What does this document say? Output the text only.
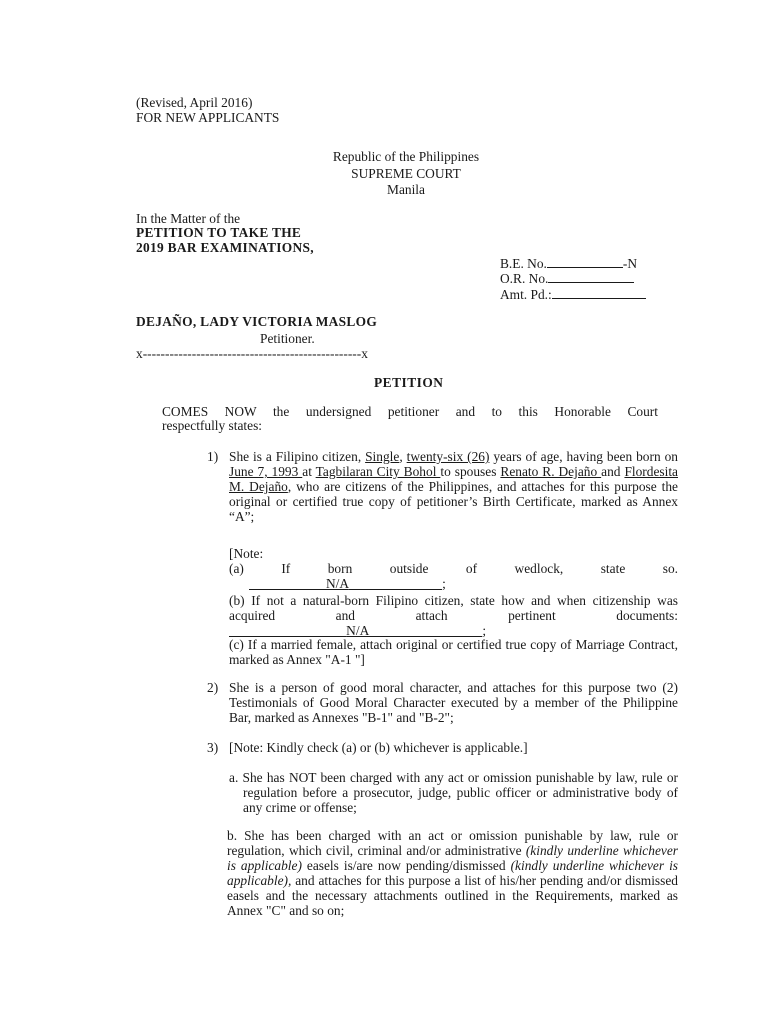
(Revised, April 2016)
FOR NEW APPLICANTS
Republic of the Philippines
SUPREME COURT
Manila
In the Matter of the
PETITION TO TAKE THE
2019 BAR EXAMINATIONS,
B.E. No.	-N
O.R. No.
Amt. Pd.:
DEJAÑO, LADY VICTORIA MASLOG
Petitioner.
x-------------------------------------------------x
PETITION
COMES NOW the undersigned petitioner and to this Honorable Court
respectfully states:
1) She is a Filipino citizen, Single, twenty-six (26) years of age, having been born on June 7, 1993 at Tagbilaran City Bohol to spouses Renato R. Dejaño and Flordesita M. Dejaño, who are citizens of the Philippines, and attaches for this purpose the original or certified true copy of petitioner’s Birth Certificate, marked as Annex “A”;
[Note:
(a) If born outside of wedlock, state so.
N/A	;
(b) If not a natural-born Filipino citizen, state how and when citizenship was acquired and attach pertinent documents:                                   N/A	;
(c) If a married female, attach original or certified true copy of Marriage Contract, marked as Annex "A-1 "]
2) She is a person of good moral character, and attaches for this purpose two (2) Testimonials of Good Moral Character executed by a member of the Philippine Bar, marked as Annexes "B-1" and "B-2";
3) [Note: Kindly check (a) or (b) whichever is applicable.]
a. She has NOT been charged with any act or omission punishable by law, rule or regulation before a prosecutor, judge, public officer or administrative body of any crime or offense;
b. She has been charged with an act or omission punishable by law, rule or regulation, which civil, criminal and/or administrative (kindly underline whichever is applicable) easels is/are now pending/dismissed (kindly underline whichever is applicable), and attaches for this purpose a list of his/her pending and/or dismissed easels and the necessary attachments outlined in the Requirements, marked as Annex "C" and so on;
